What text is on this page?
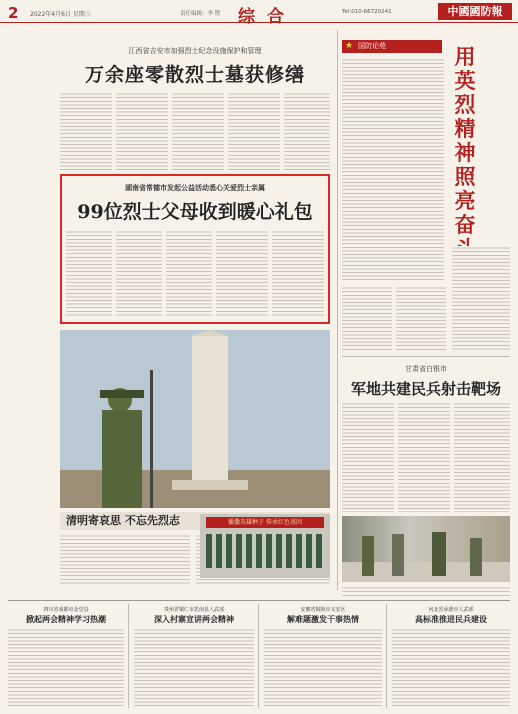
2 2022年4月6日 星期三	责任编辑：李 铿 综 合	Tel:010-66720241	中國國防報
江西省吉安市加强烈士纪念设施保护和管理
万余座零散烈士墓获修缮
湖南省常德市发起公益活动悉心关爱烈士亲属
99位烈士父母收到暖心礼包
清明寄哀思 不忘先烈志	播撒英雄种子 传承红色基因
★ 国防论苑	用英烈精神照亮奋
甘肃省白银市
军地共建民兵射击靶场
四川省成都市金堂县
掀起两会精神学习热潮
贵州省铜仁市思南县人武部
深入村寨宣讲两会精神
安徽省铜陵市义安区
解难题激发干事热情
河北省承德市人武部
高标准推进民兵建设
